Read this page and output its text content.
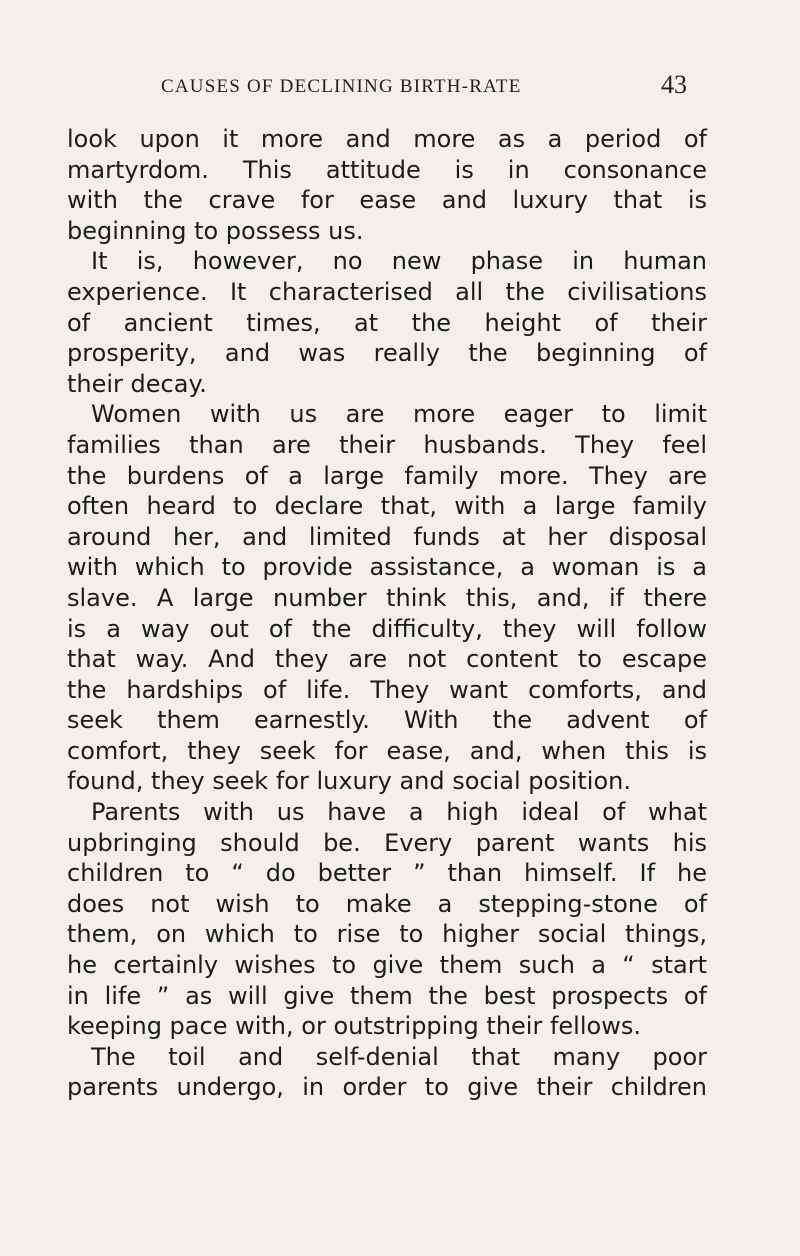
CAUSES OF DECLINING BIRTH-RATE	43
look upon it more and more as a period of
martyrdom. This attitude is in consonance
with the crave for ease and luxury that is
beginning to possess us.
It is, however, no new phase in human
experience. It characterised all the civilisations
of ancient times, at the height of their
prosperity, and was really the beginning of
their decay.
Women with us are more eager to limit
families than are their husbands. They feel
the burdens of a large family more. They are
often heard to declare that, with a large family
around her, and limited funds at her disposal
with which to provide assistance, a woman is a
slave. A large number think this, and, if there
is a way out of the difficulty, they will follow
that way. And they are not content to escape
the hardships of life. They want comforts, and
seek them earnestly. With the advent of
comfort, they seek for ease, and, when this is
found, they seek for luxury and social position.
Parents with us have a high ideal of what
upbringing should be. Every parent wants his
children to “ do better ” than himself. If he
does not wish to make a stepping-stone of
them, on which to rise to higher social things,
he certainly wishes to give them such a “ start
in life ” as will give them the best prospects of
keeping pace with, or outstripping their fellows.
The toil and self-denial that many poor
parents undergo, in order to give their children
